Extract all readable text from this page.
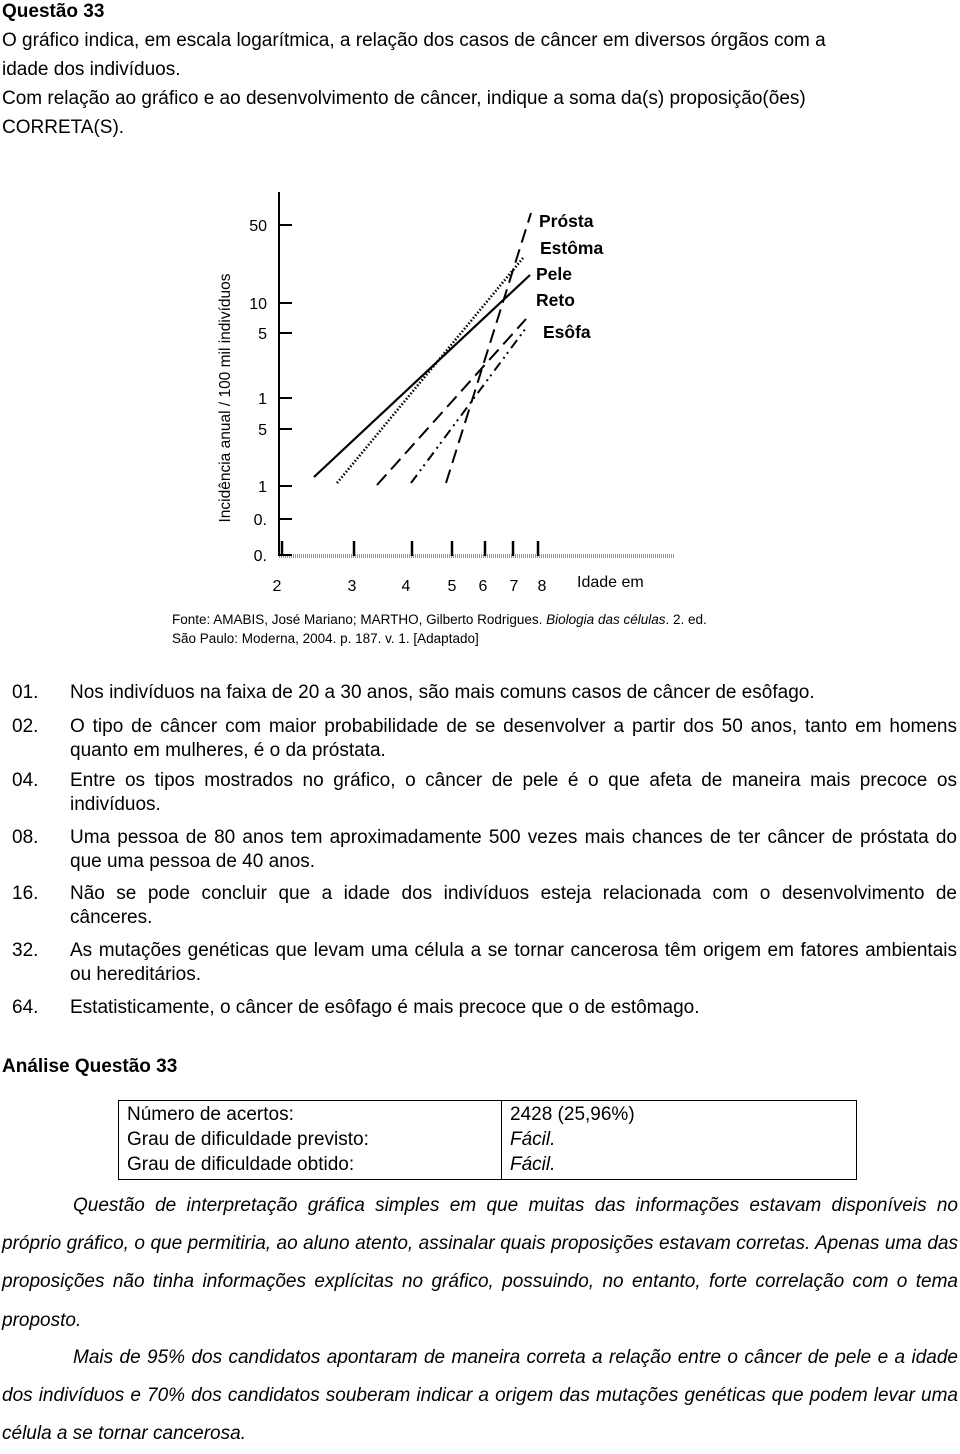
Questão 33
O gráfico indica, em escala logarítmica, a relação dos casos de câncer em diversos órgãos com a
idade dos indivíduos.
Com relação ao gráfico e ao desenvolvimento de câncer, indique a soma da(s) proposição(ões)
CORRETA(S).
Incidência anual / 100 mil indivíduos
50
10
5
1
5
1
0.
0.
2	3	4 5 6 7 8 Idade em
Prósta
Estôma
Pele
Reto
Esôfa
Fonte: AMABIS, José Mariano; MARTHO, Gilberto Rodrigues. Biologia das células. 2. ed. São Paulo: Moderna, 2004. p. 187. v. 1. [Adaptado]
01. Nos indivíduos na faixa de 20 a 30 anos, são mais comuns casos de câncer de esôfago.
02. O tipo de câncer com maior probabilidade de se desenvolver a partir dos 50 anos, tanto em homens quanto em mulheres, é o da próstata.
04. Entre os tipos mostrados no gráfico, o câncer de pele é o que afeta de maneira mais precoce os indivíduos.
08. Uma pessoa de 80 anos tem aproximadamente 500 vezes mais chances de ter câncer de próstata do que uma pessoa de 40 anos.
16. Não se pode concluir que a idade dos indivíduos esteja relacionada com o desenvolvimento de cânceres.
32. As mutações genéticas que levam uma célula a se tornar cancerosa têm origem em fatores ambientais ou hereditários.
64. Estatisticamente, o câncer de esôfago é mais precoce que o de estômago.
Análise Questão 33
Número de acertos:	2428 (25,96%)
Grau de dificuldade previsto:	Fácil.
Grau de dificuldade obtido:	Fácil.

Questão de interpretação gráfica simples em que muitas das informações estavam disponíveis no próprio gráfico, o que permitiria, ao aluno atento, assinalar quais proposições estavam corretas. Apenas uma das proposições não tinha informações explícitas no gráfico, possuindo, no entanto, forte correlação com o tema proposto.

Mais de 95% dos candidatos apontaram de maneira correta a relação entre o câncer de pele e a idade dos indivíduos e 70% dos candidatos souberam indicar a origem das mutações genéticas que podem levar uma célula a se tornar cancerosa.
